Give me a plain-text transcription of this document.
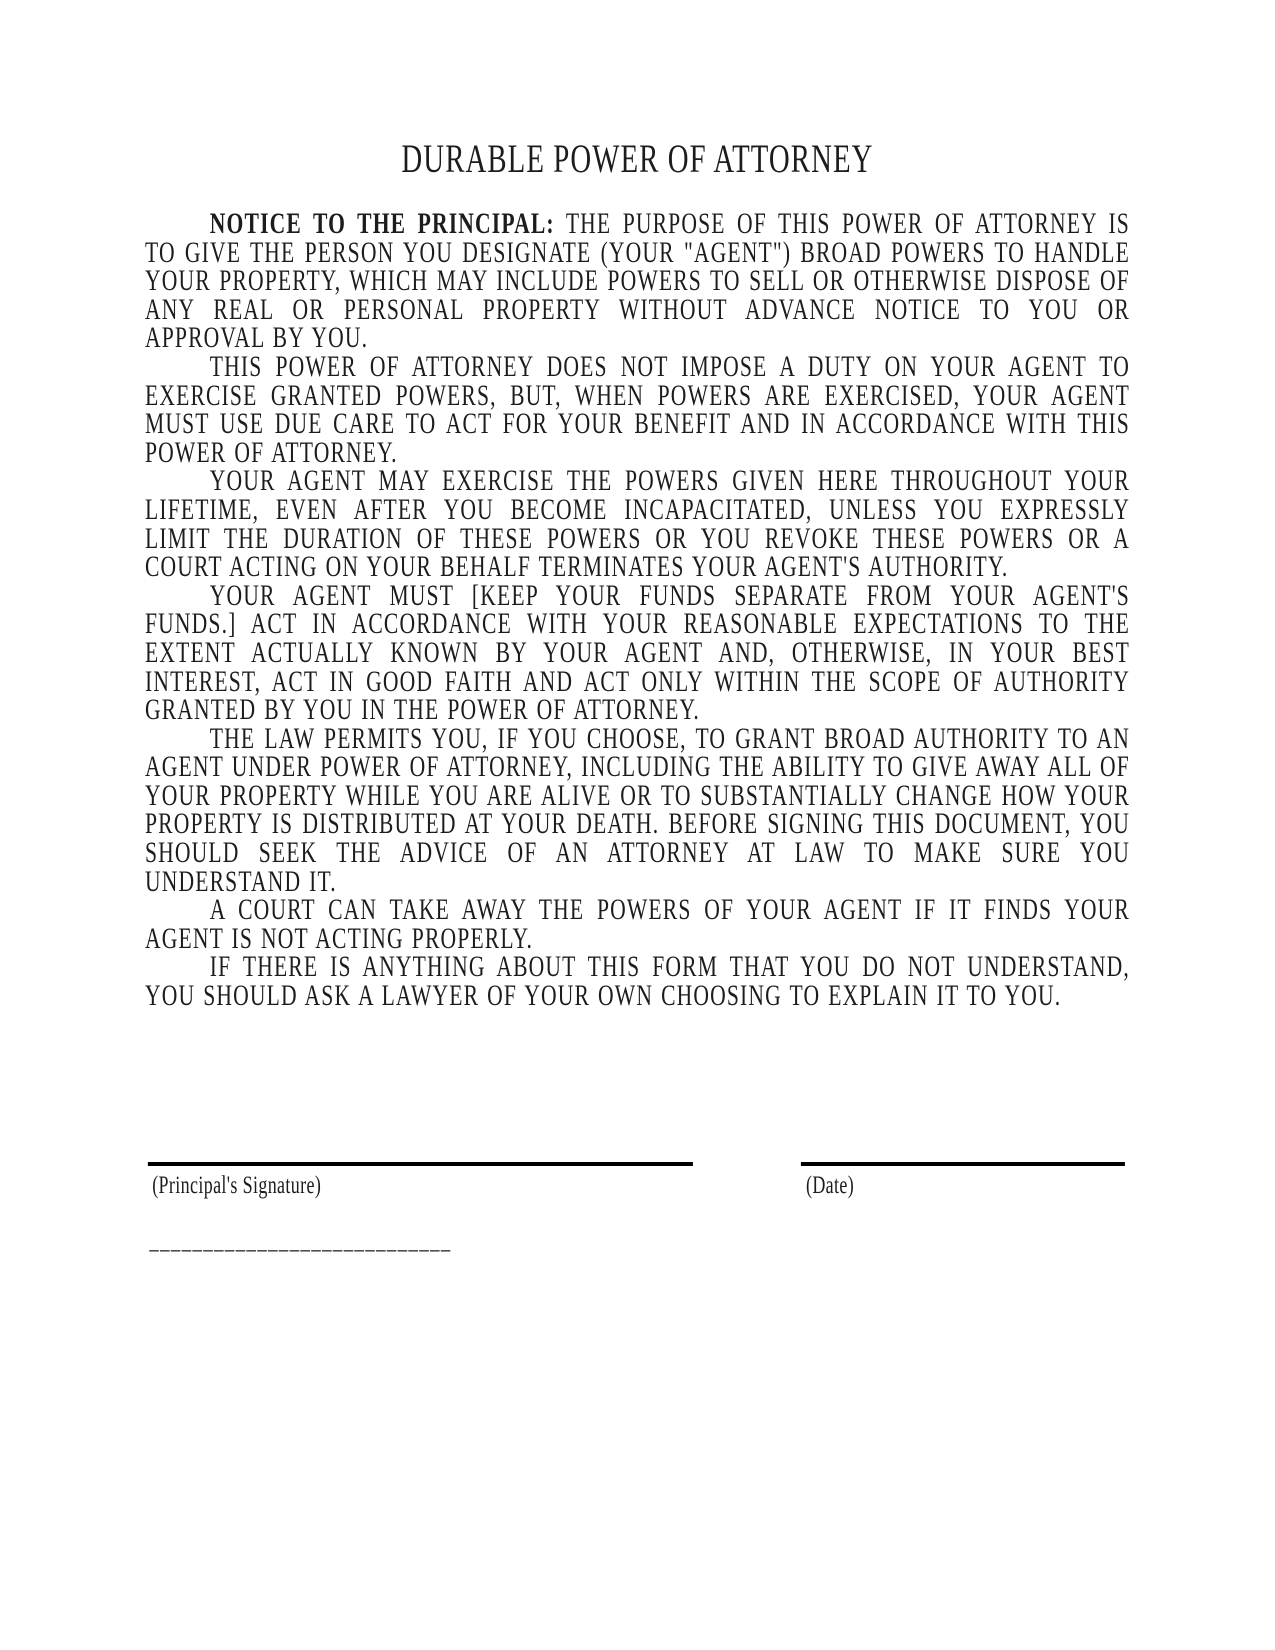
DURABLE POWER OF ATTORNEY

NOTICE TO THE PRINCIPAL: THE PURPOSE OF THIS POWER OF ATTORNEY IS TO GIVE THE PERSON YOU DESIGNATE (YOUR "AGENT") BROAD POWERS TO HANDLE YOUR PROPERTY, WHICH MAY INCLUDE POWERS TO SELL OR OTHERWISE DISPOSE OF ANY REAL OR PERSONAL PROPERTY WITHOUT ADVANCE NOTICE TO YOU OR APPROVAL BY YOU.

THIS POWER OF ATTORNEY DOES NOT IMPOSE A DUTY ON YOUR AGENT TO EXERCISE GRANTED POWERS, BUT, WHEN POWERS ARE EXERCISED, YOUR AGENT MUST USE DUE CARE TO ACT FOR YOUR BENEFIT AND IN ACCORDANCE WITH THIS POWER OF ATTORNEY.

YOUR AGENT MAY EXERCISE THE POWERS GIVEN HERE THROUGHOUT YOUR LIFETIME, EVEN AFTER YOU BECOME INCAPACITATED, UNLESS YOU EXPRESSLY LIMIT THE DURATION OF THESE POWERS OR YOU REVOKE THESE POWERS OR A COURT ACTING ON YOUR BEHALF TERMINATES YOUR AGENT'S AUTHORITY.

YOUR AGENT MUST [KEEP YOUR FUNDS SEPARATE FROM YOUR AGENT'S FUNDS.] ACT IN ACCORDANCE WITH YOUR REASONABLE EXPECTATIONS TO THE EXTENT ACTUALLY KNOWN BY YOUR AGENT AND, OTHERWISE, IN YOUR BEST INTEREST, ACT IN GOOD FAITH AND ACT ONLY WITHIN THE SCOPE OF AUTHORITY GRANTED BY YOU IN THE POWER OF ATTORNEY.

THE LAW PERMITS YOU, IF YOU CHOOSE, TO GRANT BROAD AUTHORITY TO AN AGENT UNDER POWER OF ATTORNEY, INCLUDING THE ABILITY TO GIVE AWAY ALL OF YOUR PROPERTY WHILE YOU ARE ALIVE OR TO SUBSTANTIALLY CHANGE HOW YOUR PROPERTY IS DISTRIBUTED AT YOUR DEATH. BEFORE SIGNING THIS DOCUMENT, YOU SHOULD SEEK THE ADVICE OF AN ATTORNEY AT LAW TO MAKE SURE YOU UNDERSTAND IT.

A COURT CAN TAKE AWAY THE POWERS OF YOUR AGENT IF IT FINDS YOUR AGENT IS NOT ACTING PROPERLY.

IF THERE IS ANYTHING ABOUT THIS FORM THAT YOU DO NOT UNDERSTAND, YOU SHOULD ASK A LAWYER OF YOUR OWN CHOOSING TO EXPLAIN IT TO YOU.

(Principal's Signature)	(Date)
____________________________
